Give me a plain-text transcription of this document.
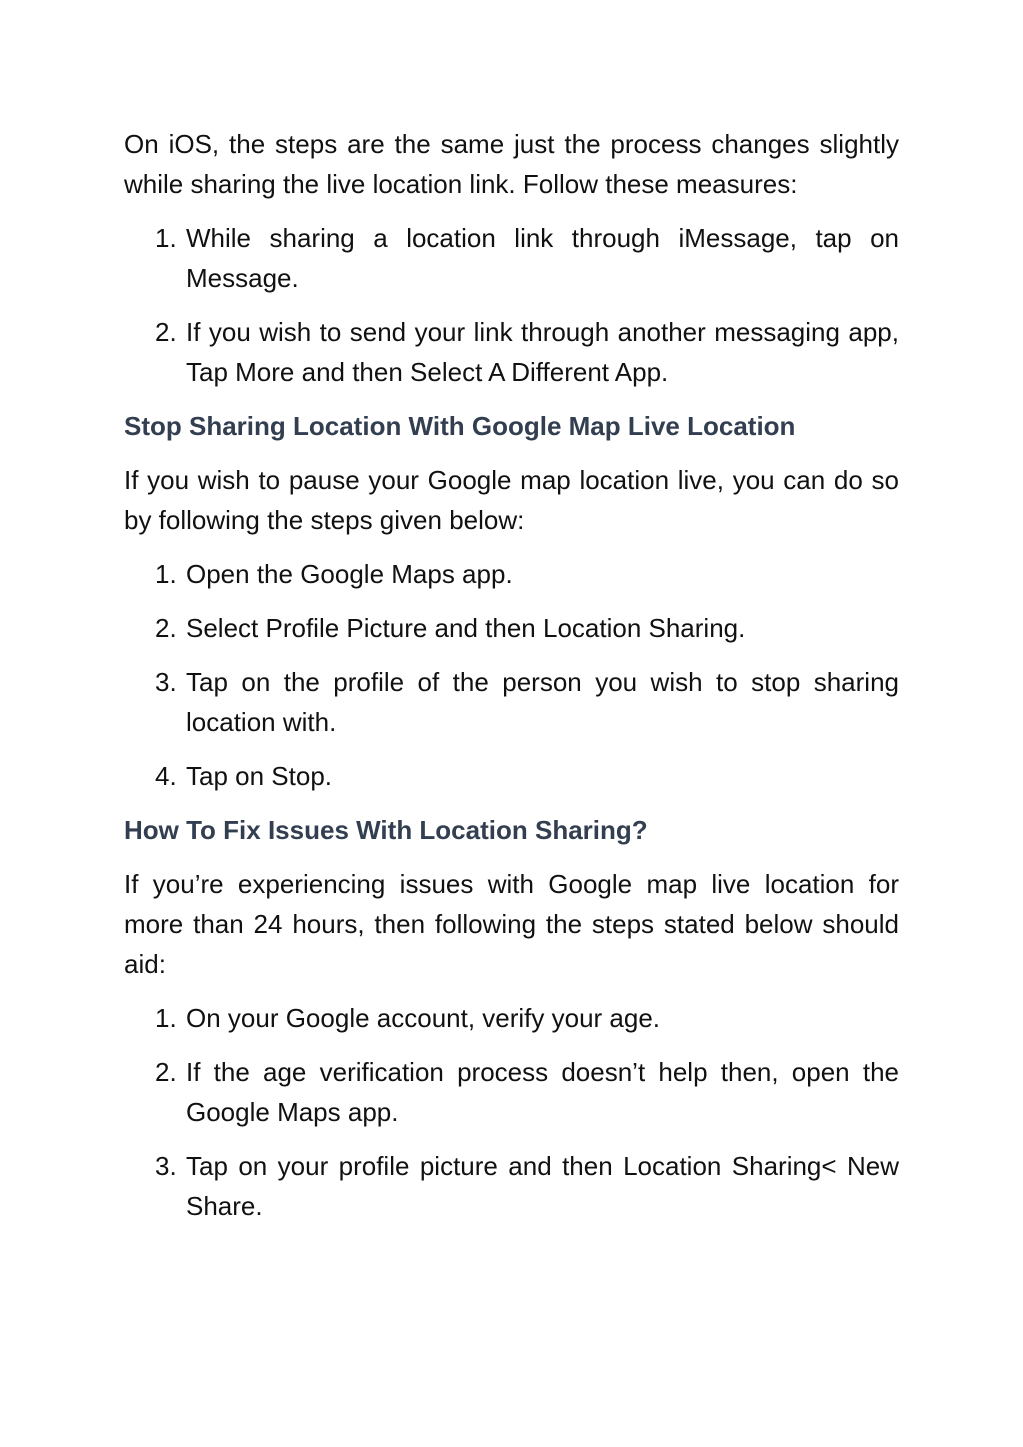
On iOS, the steps are the same just the process changes slightly while sharing the live location link. Follow these measures:

1. While sharing a location link through iMessage, tap on Message.
2. If you wish to send your link through another messaging app, Tap More and then Select A Different App.
Stop Sharing Location With Google Map Live Location

If you wish to pause your Google map location live, you can do so by following the steps given below:

1. Open the Google Maps app.
2. Select Profile Picture and then Location Sharing.
3. Tap on the profile of the person you wish to stop sharing location with.
4. Tap on Stop.
How To Fix Issues With Location Sharing?

If you’re experiencing issues with Google map live location for more than 24 hours, then following the steps stated below should aid:

1. On your Google account, verify your age.
2. If the age verification process doesn’t help then, open the Google Maps app.
3. Tap on your profile picture and then Location Sharing< New Share.
